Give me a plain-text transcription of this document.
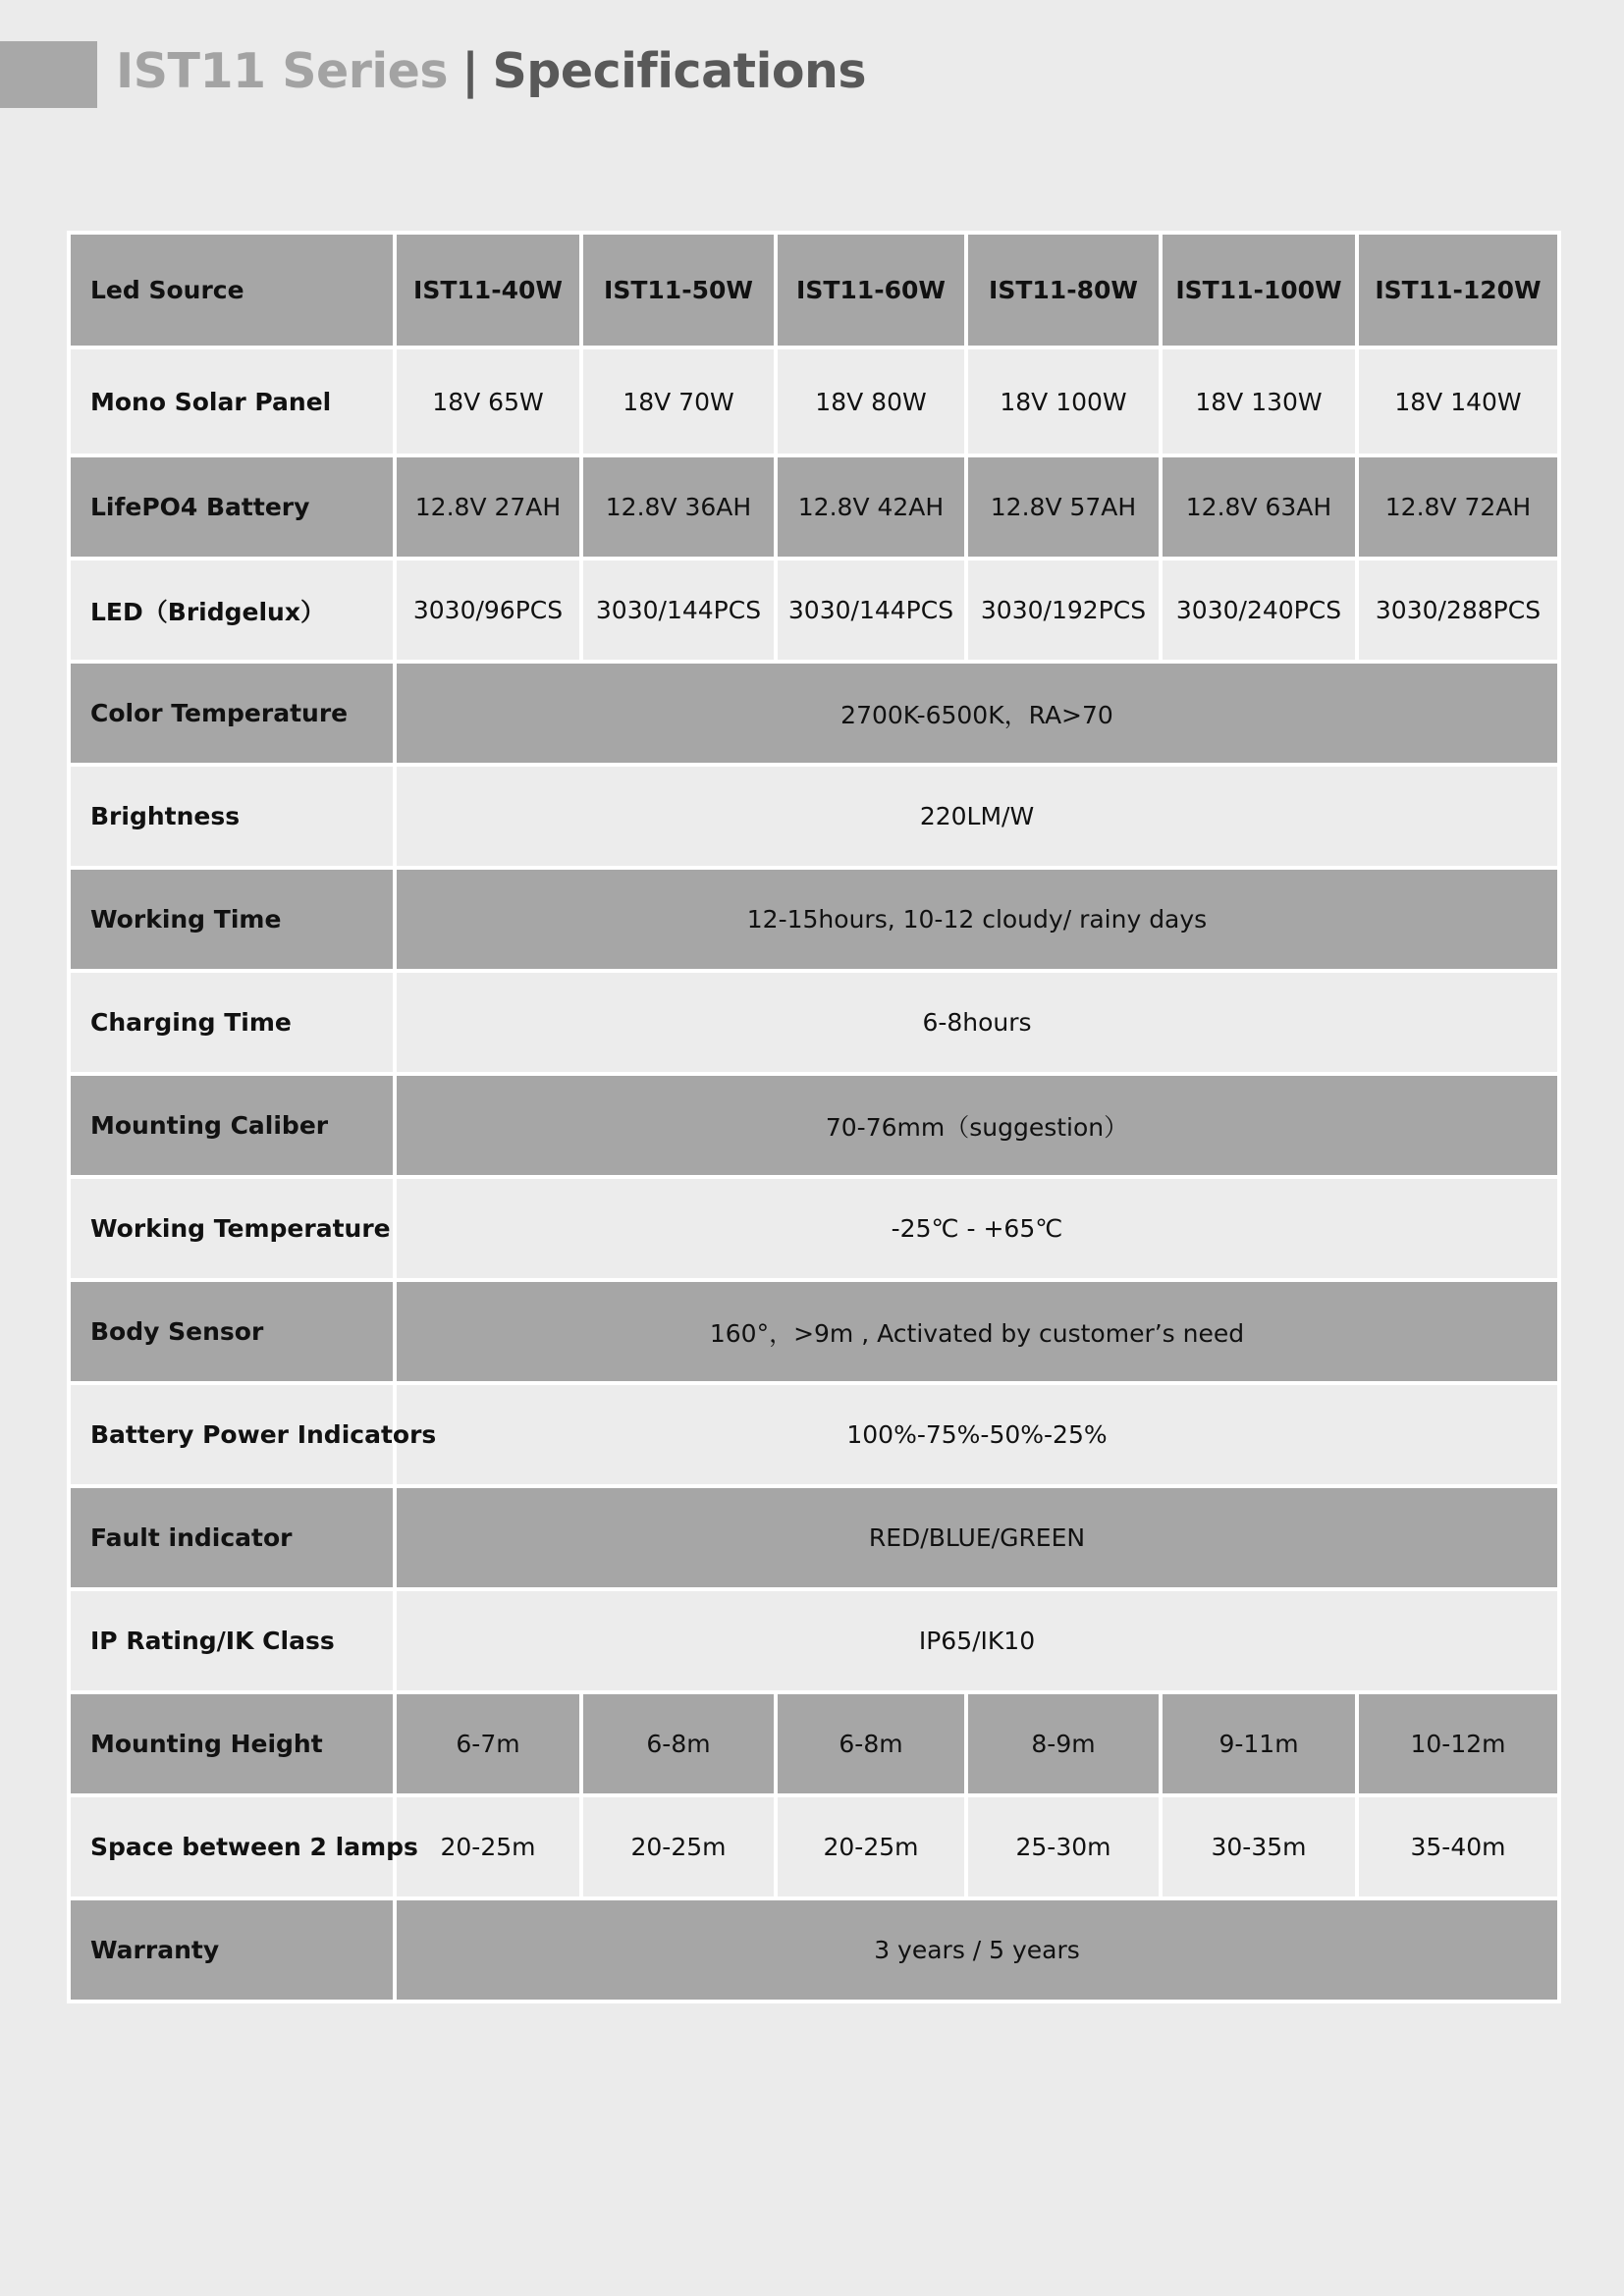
IST11 Series | Specifications
Led Source	IST11-40W	IST11-50W	IST11-60W	IST11-80W	IST11-100W	IST11-120W
Mono Solar Panel	18V 65W	18V 70W	18V 80W	18V 100W	18V 130W	18V 140W
LifePO4 Battery	12.8V 27AH	12.8V 36AH	12.8V 42AH	12.8V 57AH	12.8V 63AH	12.8V 72AH
LED（Bridgelux）	3030/96PCS	3030/144PCS	3030/144PCS	3030/192PCS	3030/240PCS	3030/288PCS
Color Temperature	2700K-6500K，RA>70					
Brightness	220LM/W					
Working Time	12-15hours, 10-12 cloudy/ rainy days					
Charging Time	6-8hours					
Mounting Caliber	70-76mm（suggestion）					
Working Temperature	-25℃ - +65℃					
Body Sensor	160°，>9m , Activated by customer’s need					
Battery Power Indicators	100%-75%-50%-25%					
Fault indicator	RED/BLUE/GREEN					
IP Rating/IK Class	IP65/IK10					
Mounting Height	6-7m	6-8m	6-8m	8-9m	9-11m	10-12m
Space between 2 lamps	20-25m	20-25m	20-25m	25-30m	30-35m	35-40m
Warranty	3 years / 5 years					
